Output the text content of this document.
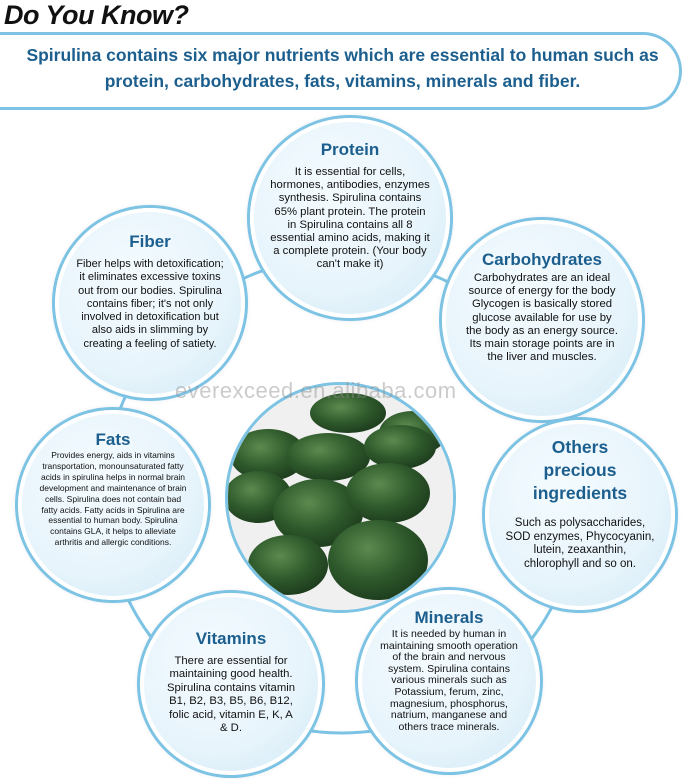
Do You Know?
Spirulina contains six major nutrients which are essential to human such as protein, carbohydrates, fats, vitamins, minerals and fiber.
Protein

It is essential for cells, hormones, antibodies, enzymes synthesis. Spirulina contains 65% plant protein. The protein in Spirulina contains all 8 essential amino acids, making it a complete protein. (Your body can't make it)	Carbohydrates

Carbohydrates are an ideal source of energy for the body Glycogen is basically stored glucose available for use by the body as an energy source. Its main storage points are in the liver and muscles.

Others precious ingredients

Such as polysaccharides, SOD enzymes, Phycocyanin, lutein, zeaxanthin, chlorophyll and so on.

Minerals

It is needed by human in maintaining smooth operation of the brain and nervous system. Spirulina contains various minerals such as Potassium, ferum, zinc, magnesium, phosphorus, natrium, manganese and others trace minerals.

Vitamins

There are essential for maintaining good health. Spirulina contains vitamin B1, B2, B3, B5, B6, B12, folic acid, vitamin E, K, A & D.

Fats

Provides energy, aids in vitamins transportation, monounsaturated fatty acids in spirulina helps in normal brain development and maintenance of brain cells. Spirulina does not contain bad fatty acids. Fatty acids in Spirulina are essential to human body. Spirulina contains GLA, it helps to alleviate arthritis and allergic conditions.

Fiber

Fiber helps with detoxification; it eliminates excessive toxins out from our bodies. Spirulina contains fiber; it's not only involved in detoxification but also aids in slimming by creating a feeling of satiety.

everexceed.en.alibaba.com
